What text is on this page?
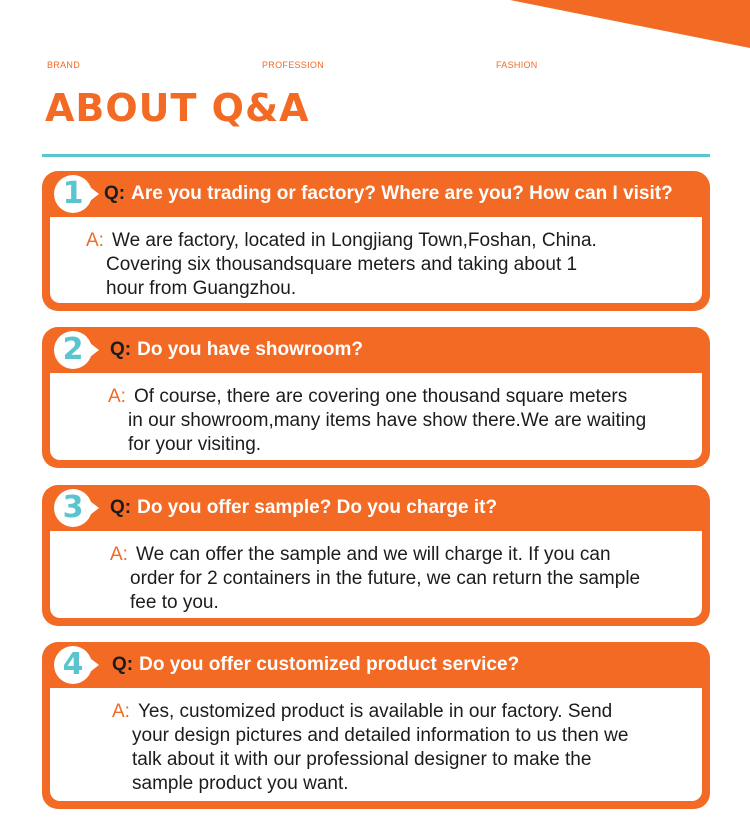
BRAND	PROFESSION	FASHION
ABOUT Q&A
1	Q: Are you trading or factory? Where are you? How can I visit?
A: We are factory, located in Longjiang Town,Foshan, China.
Covering six thousandsquare meters and taking about 1
hour from Guangzhou.
2	Q: Do you have showroom?
A: Of course, there are covering one thousand square meters
in our showroom,many items have show there.We are waiting
for your visiting.
3	Q: Do you offer sample? Do you charge it?
A: We can offer the sample and we will charge it. If you can
order for 2 containers in the future, we can return the sample
fee to you.
4	Q: Do you offer customized product service?
A: Yes, customized product is available in our factory. Send
your design pictures and detailed information to us then we
talk about it with our professional designer to make the
sample product you want.
